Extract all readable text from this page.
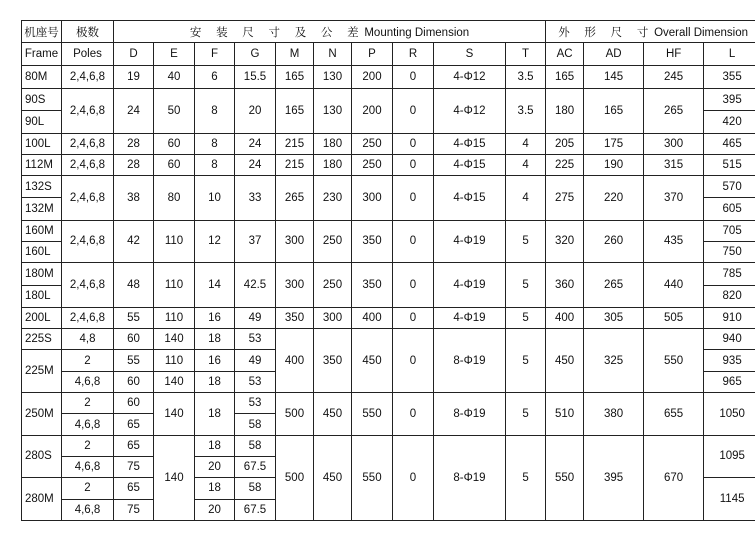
机座号	极数	安 装 尺 寸 及 公 差Mounting Dimension										外 形 尺 寸Overall Dimension			
Frame	Poles	D	E	F	G	M	N	P	R	S	T	AC	AD	HF	L
80M	2,4,6,8	19	40	6	15.5	165	130	200	0	4-Φ12	3.5	165	145	245	355
90S	2,4,6,8	24	50	8	20	165	130	200	0	4-Φ12	3.5	180	165	265	395
90L															420
100L	2,4,6,8	28	60	8	24	215	180	250	0	4-Φ15	4	205	175	300	465
112M	2,4,6,8	28	60	8	24	215	180	250	0	4-Φ15	4	225	190	315	515
132S	2,4,6,8	38	80	10	33	265	230	300	0	4-Φ15	4	275	220	370	570
132M															605
160M	2,4,6,8	42	110	12	37	300	250	350	0	4-Φ19	5	320	260	435	705
160L															750
180M	2,4,6,8	48	110	14	42.5	300	250	350	0	4-Φ19	5	360	265	440	785
180L															820
200L	2,4,6,8	55	110	16	49	350	300	400	0	4-Φ19	5	400	305	505	910
225S	4,8	60	140	18	53	400	350	450	0	8-Φ19	5	450	325	550	940
225M	2	55	110	16	49										935
	4,6,8	60	140	18	53										965
250M	2	60	140	18	53	500	450	550	0	8-Φ19	5	510	380	655	1050
	4,6,8	65			58										
280S	2	65	140	18	58	500	450	550	0	8-Φ19	5	550	395	670	1095
	4,6,8	75		20	67.5										
280M	2	65		18	58										1145
	4,6,8	75		20	67.5										
